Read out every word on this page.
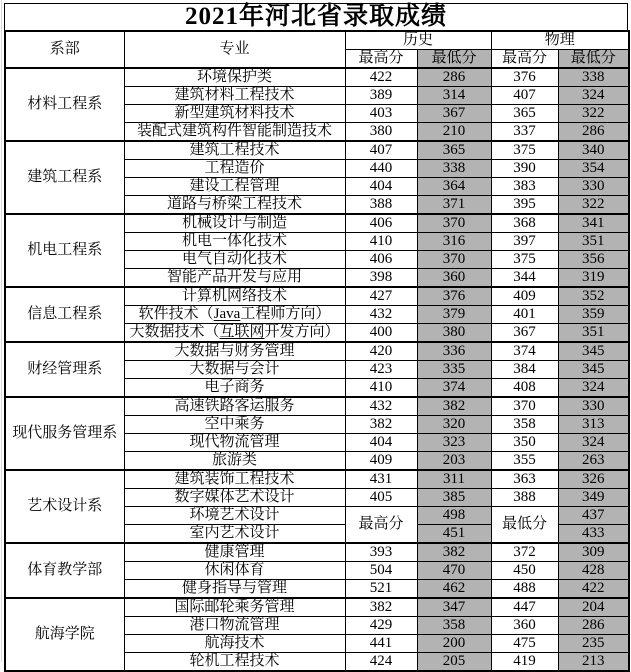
2021年河北省录取成绩
系部	专业	历史		物理	
		最高分	最低分	最高分	最低分
材料工程系	环境保护类	422	286	376	338
	建筑材料工程技术	389	314	407	324
	新型建筑材料技术	403	367	365	322
	装配式建筑构件智能制造技术	380	210	337	286
建筑工程系	建筑工程技术	407	365	375	340
	工程造价	440	338	390	354
	建设工程管理	404	364	383	330
	道路与桥梁工程技术	388	371	395	322
机电工程系	机械设计与制造	406	370	368	341
	机电一体化技术	410	316	397	351
	电气自动化技术	406	370	375	356
	智能产品开发与应用	398	360	344	319
信息工程系	计算机网络技术	427	376	409	352
	软件技术（Java工程师方向）	432	379	401	359
	大数据技术（互联网开发方向）	400	380	367	351
财经管理系	大数据与财务管理	420	336	374	345
	大数据与会计	423	335	384	345
	电子商务	410	374	408	324
现代服务管理系	高速铁路客运服务	432	382	370	330
	空中乘务	382	320	358	313
	现代物流管理	404	323	350	324
	旅游类	409	203	355	263
艺术设计系	建筑装饰工程技术	431	311	363	326
	数字媒体艺术设计	405	385	388	349
	环境艺术设计	最高分	498	最低分	437
	室内艺术设计		451		433
体育教学部	健康管理	393	382	372	309
	休闲体育	504	470	450	428
	健身指导与管理	521	462	488	422
航海学院	国际邮轮乘务管理	382	347	447	204
	港口物流管理	429	358	360	286
	航海技术	441	200	475	235
	轮机工程技术	424	205	419	213
